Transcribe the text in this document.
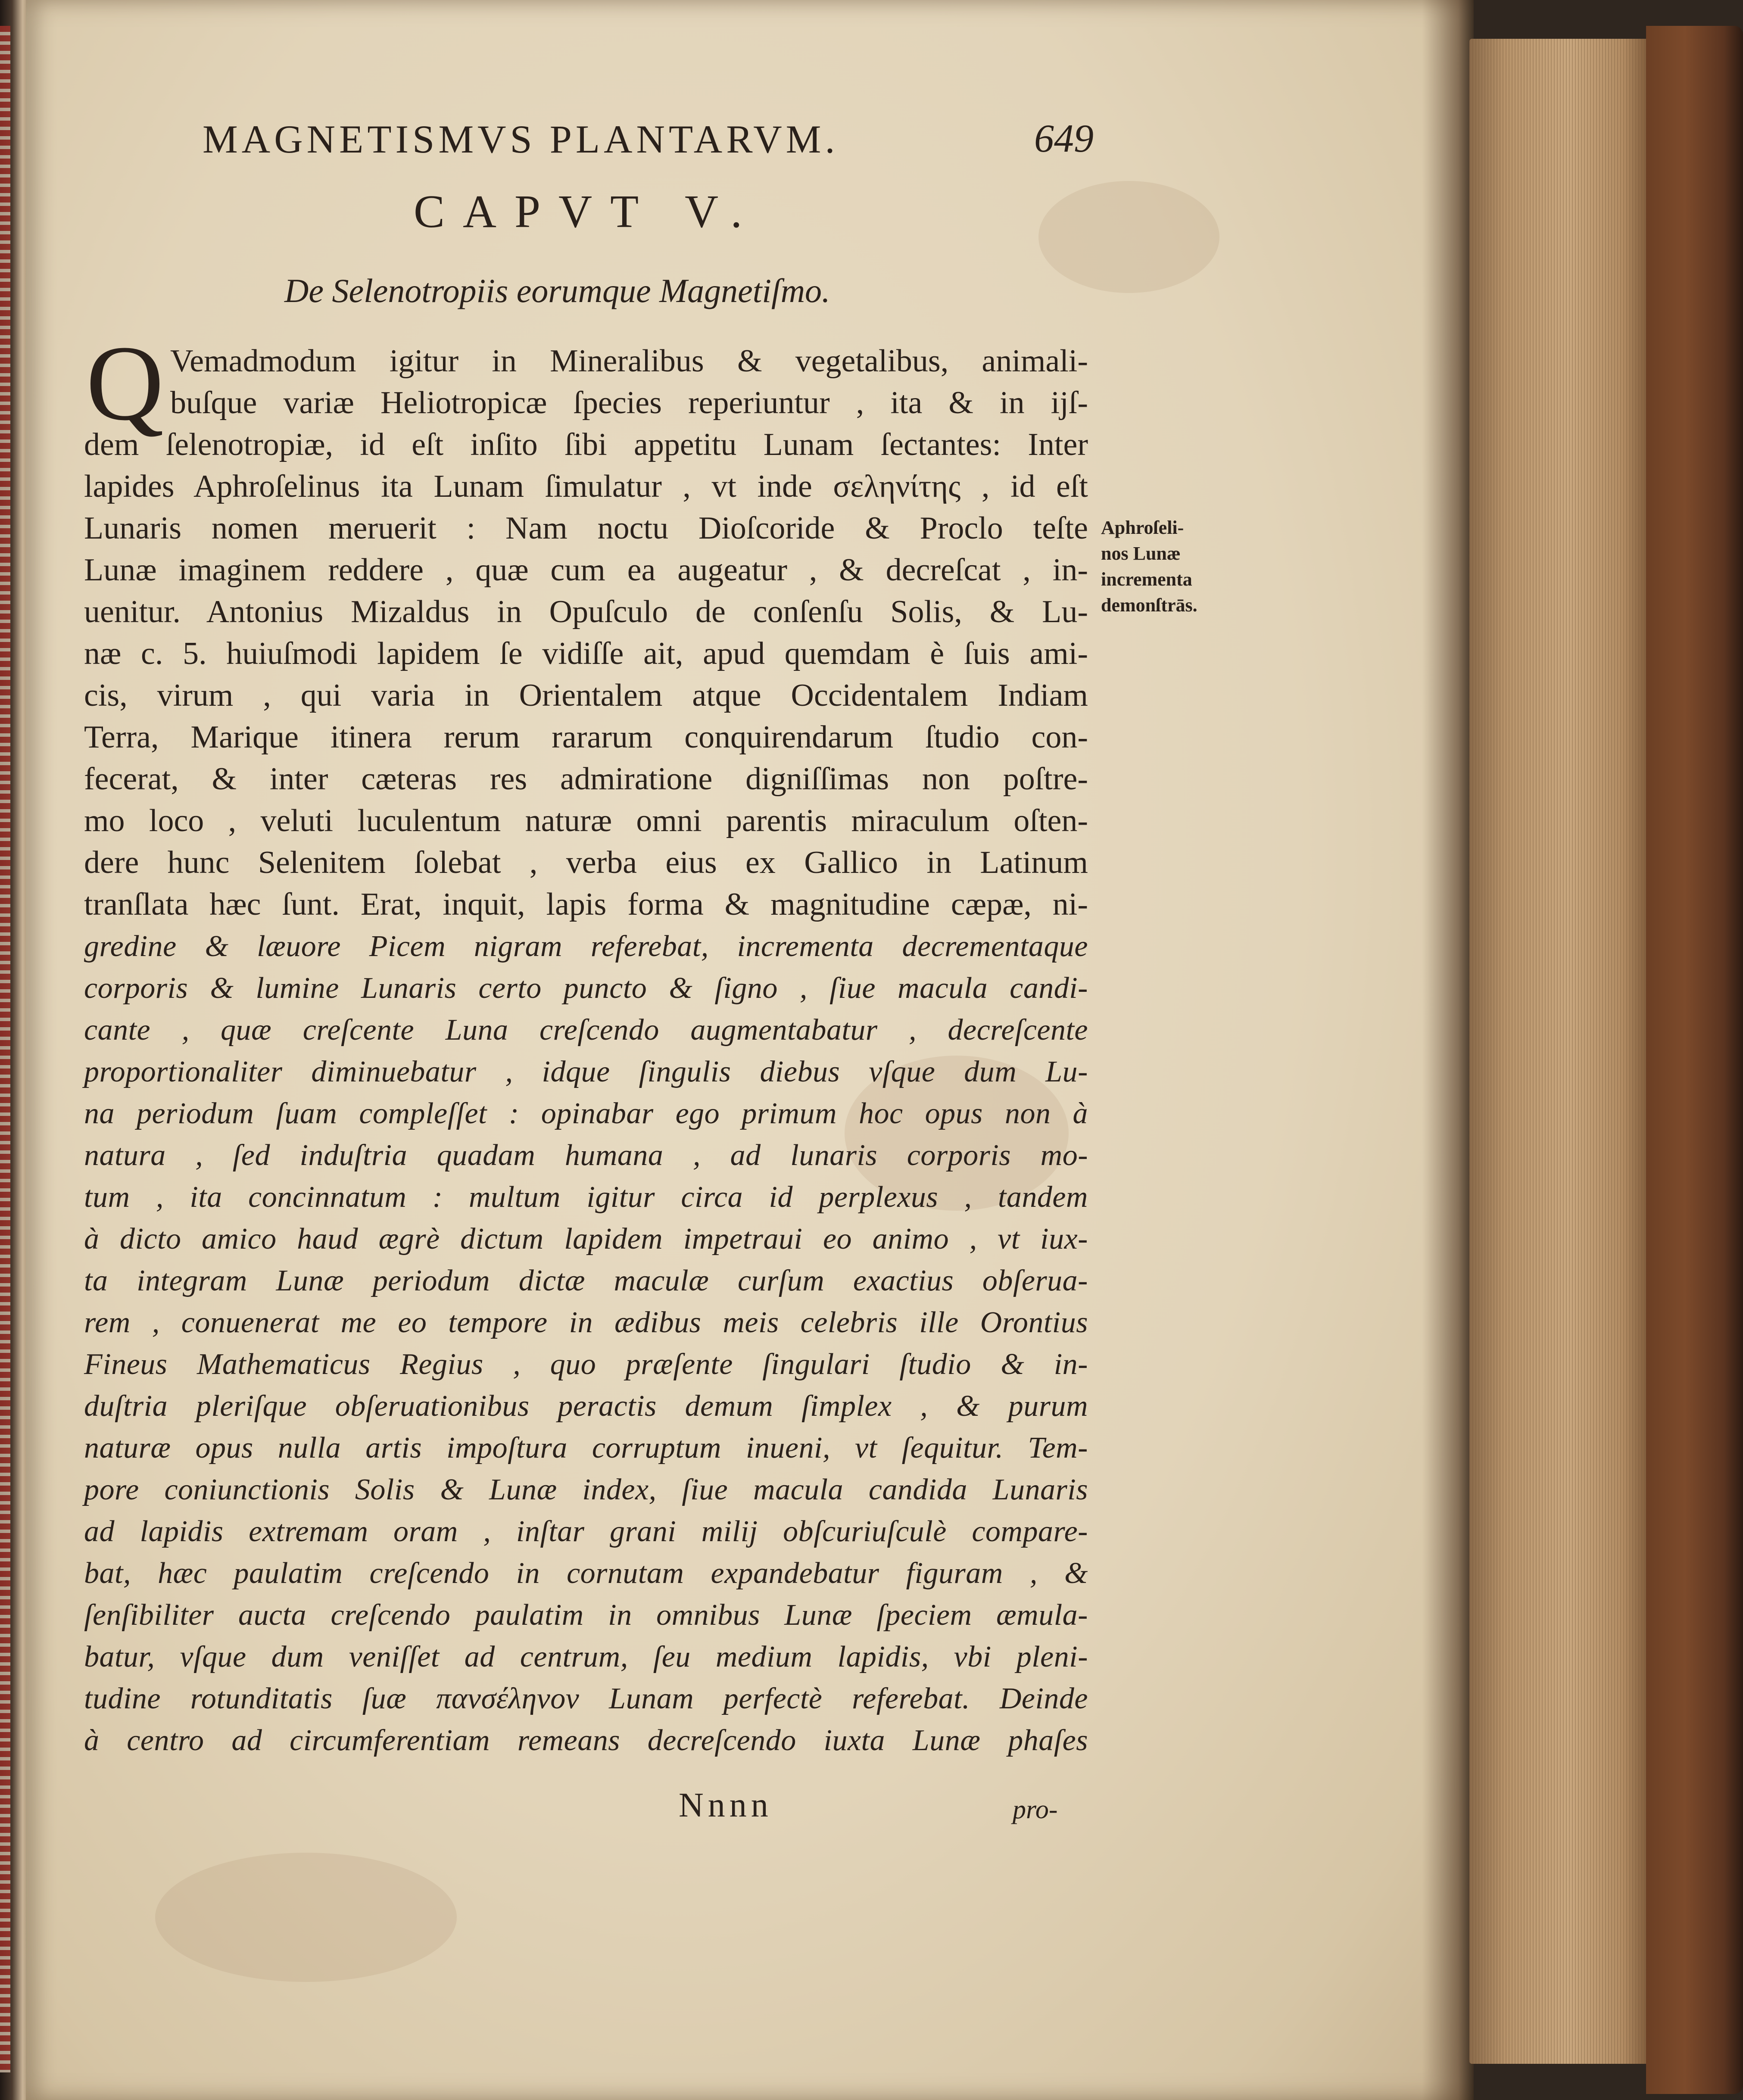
MAGNETISMVS PLANTARVM.	649
CAPVT V.
De Selenotropiis eorumque Magnetiſmo.
Q Vemadmodum igitur in Mineralibus & vegetalibus, animali-
buſque variæ Heliotropicæ ſpecies reperiuntur , ita & in ijſ-
dem ſelenotropiæ, id eſt inſito ſibi appetitu Lunam ſectantes: Inter
lapides Aphroſelinus ita Lunam ſimulatur , vt inde σεληνίτης , id eſt
Lunaris nomen meruerit : Nam noctu Dioſcoride & Proclo teſte
Lunæ imaginem reddere , quæ cum ea augeatur , & decreſcat , in-
uenitur. Antonius Mizaldus in Opuſculo de conſenſu Solis, & Lu-
næ c. 5. huiuſmodi lapidem ſe vidiſſe ait, apud quemdam è ſuis ami-
cis, virum , qui varia in Orientalem atque Occidentalem Indiam
Terra, Marique itinera rerum rararum conquirendarum ſtudio con-
fecerat, & inter cæteras res admiratione digniſſimas non poſtre-
mo loco , veluti luculentum naturæ omni parentis miraculum oſten-
dere hunc Selenitem ſolebat , verba eius ex Gallico in Latinum
tranſlata hæc ſunt. Erat, inquit, lapis forma & magnitudine cæpæ, ni-
gredine & læuore Picem nigram referebat, incrementa decrementaque
corporis & lumine Lunaris certo puncto & ſigno , ſiue macula candi-
cante , quæ creſcente Luna creſcendo augmentabatur , decreſcente
proportionaliter diminuebatur , idque ſingulis diebus vſque dum Lu-
na periodum ſuam compleſſet : opinabar ego primum hoc opus non à
natura , ſed induſtria quadam humana , ad lunaris corporis mo-
tum , ita concinnatum : multum igitur circa id perplexus , tandem
à dicto amico haud ægrè dictum lapidem impetraui eo animo , vt iux-
ta integram Lunæ periodum dictæ maculæ curſum exactius obſerua-
rem , conuenerat me eo tempore in ædibus meis celebris ille Orontius
Fineus Mathematicus Regius , quo præſente ſingulari ſtudio & in-
duſtria pleriſque obſeruationibus peractis demum ſimplex , & purum
naturæ opus nulla artis impoſtura corruptum inueni, vt ſequitur. Tem-
pore coniunctionis Solis & Lunæ index, ſiue macula candida Lunaris
ad lapidis extremam oram , inſtar grani milij obſcuriuſculè compare-
bat, hæc paulatim creſcendo in cornutam expandebatur figuram , &
ſenſibiliter aucta creſcendo paulatim in omnibus Lunæ ſpeciem æmula-
batur, vſque dum veniſſet ad centrum, ſeu medium lapidis, vbi pleni-
tudine rotunditatis ſuæ πανσέληνον Lunam perfectè referebat. Deinde
à centro ad circumferentiam remeans decreſcendo iuxta Lunæ phaſes
Aphroſeli-
nos Lunæ
incrementa
demonſtrās.
Nnnn	pro-
